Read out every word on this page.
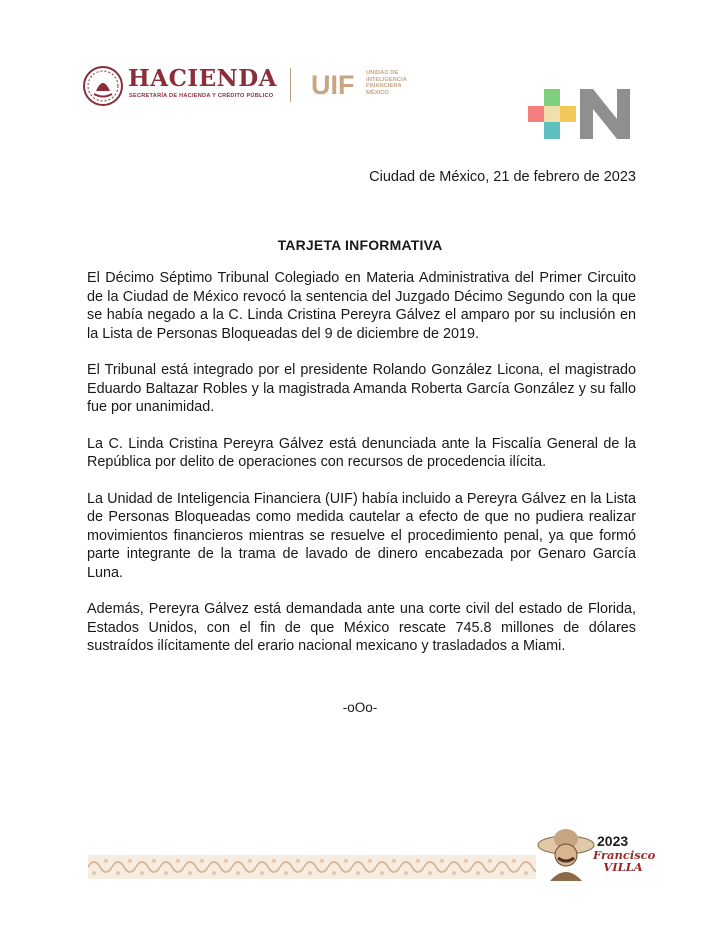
HACIENDA
SECRETARÍA DE HACIENDA Y CRÉDITO PÚBLICO UIF UNIDAD DE
INTELIGENCIA
FINANCIERA
MÉXICO
+N
Ciudad de México, 21 de febrero de 2023
TARJETA INFORMATIVA

El Décimo Séptimo Tribunal Colegiado en Materia Administrativa del Primer Circuito de la Ciudad de México revocó la sentencia del Juzgado Décimo Segundo con la que se había negado a la C. Linda Cristina Pereyra Gálvez el amparo por su inclusión en la Lista de Personas Bloqueadas del 9 de diciembre de 2019.

El Tribunal está integrado por el presidente Rolando González Licona, el magistrado Eduardo Baltazar Robles y la magistrada Amanda Roberta García González y su fallo fue por unanimidad.

La C. Linda Cristina Pereyra Gálvez está denunciada ante la Fiscalía General de la República por delito de operaciones con recursos de procedencia ilícita.

La Unidad de Inteligencia Financiera (UIF) había incluido a Pereyra Gálvez en la Lista de Personas Bloqueadas como medida cautelar a efecto de que no pudiera realizar movimientos financieros mientras se resuelve el procedimiento penal, ya que formó parte integrante de la trama de lavado de dinero encabezada por Genaro García Luna.

Además, Pereyra Gálvez está demandada ante una corte civil del estado de Florida, Estados Unidos, con el fin de que México rescate 745.8 millones de dólares sustraídos ilícitamente del erario nacional mexicano y trasladados a Miami.

-oOo-
2023
Francisco
VILLA
